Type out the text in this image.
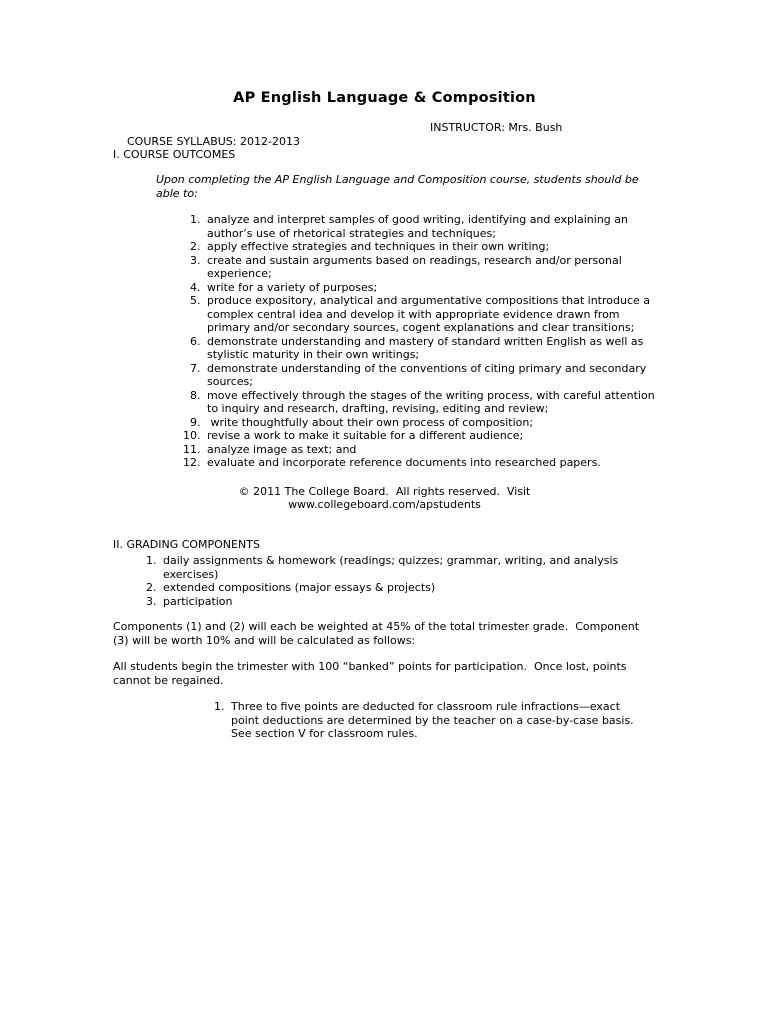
AP English Language & Composition

COURSE SYLLABUS: 2012-2013

INSTRUCTOR: Mrs. Bush

I. COURSE OUTCOMES

Upon completing the AP English Language and Composition course, students should be able to:

1. analyze and interpret samples of good writing, identifying and explaining an author’s use of rhetorical strategies and techniques;
2. apply effective strategies and techniques in their own writing;
3. create and sustain arguments based on readings, research and/or personal experience;
4. write for a variety of purposes;
5. produce expository, analytical and argumentative compositions that introduce a complex central idea and develop it with appropriate evidence drawn from primary and/or secondary sources, cogent explanations and clear transitions;
6. demonstrate understanding and mastery of standard written English as well as stylistic maturity in their own writings;
7. demonstrate understanding of the conventions of citing primary and secondary sources;
8. move effectively through the stages of the writing process, with careful attention to inquiry and research, drafting, revising, editing and review;
9.  write thoughtfully about their own process of composition;
10. revise a work to make it suitable for a different audience;
11. analyze image as text; and
12. evaluate and incorporate reference documents into researched papers.
© 2011 The College Board.  All rights reserved.  Visit
www.collegeboard.com/apstudents
II. GRADING COMPONENTS
1. daily assignments & homework (readings; quizzes; grammar, writing, and analysis exercises)
2. extended compositions (major essays & projects)
3. participation

Components (1) and (2) will each be weighted at 45% of the total trimester grade.  Component (3) will be worth 10% and will be calculated as follows:

All students begin the trimester with 100 “banked” points for participation.  Once lost, points cannot be regained.

1. Three to five points are deducted for classroom rule infractions—exact point deductions are determined by the teacher on a case-by-case basis.  See section V for classroom rules.
